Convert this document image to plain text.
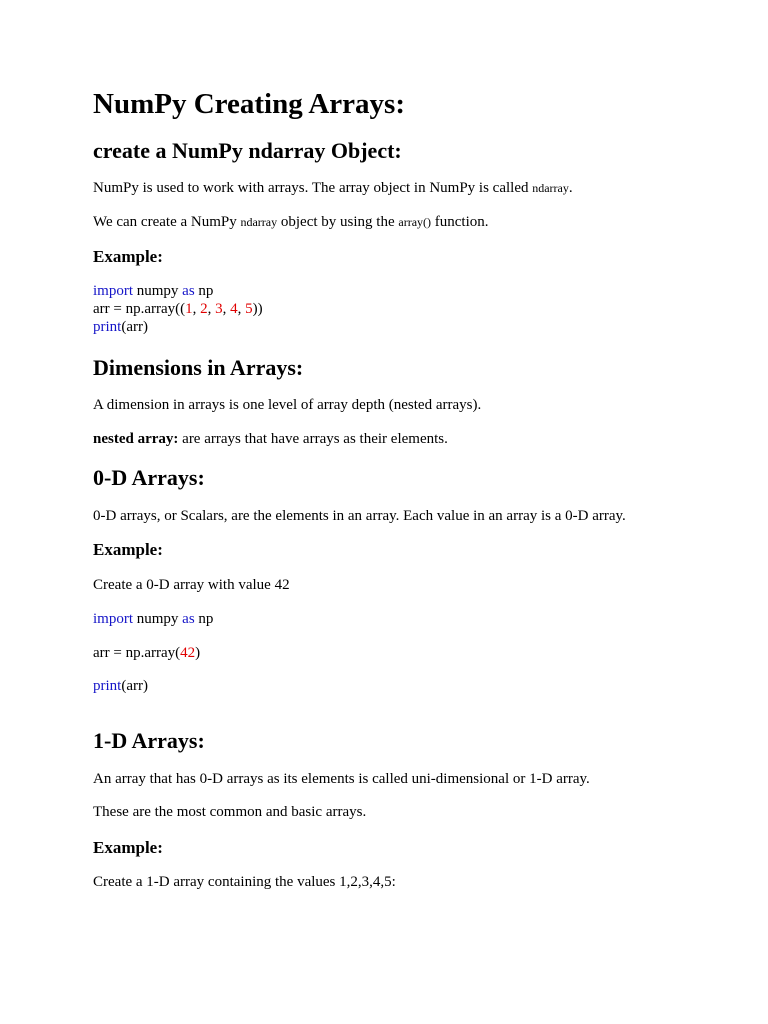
NumPy Creating Arrays:
create a NumPy ndarray Object:
NumPy is used to work with arrays. The array object in NumPy is called ndarray.
We can create a NumPy ndarray object by using the array() function.
Example:
import numpy as np
arr = np.array((1, 2, 3, 4, 5))
print(arr)
Dimensions in Arrays:
A dimension in arrays is one level of array depth (nested arrays).
nested array: are arrays that have arrays as their elements.
0-D Arrays:
0-D arrays, or Scalars, are the elements in an array. Each value in an array is a 0-D array.
Example:
Create a 0-D array with value 42
import numpy as np
arr = np.array(42)
print(arr)
1-D Arrays:
An array that has 0-D arrays as its elements is called uni-dimensional or 1-D array.
These are the most common and basic arrays.
Example:
Create a 1-D array containing the values 1,2,3,4,5:
